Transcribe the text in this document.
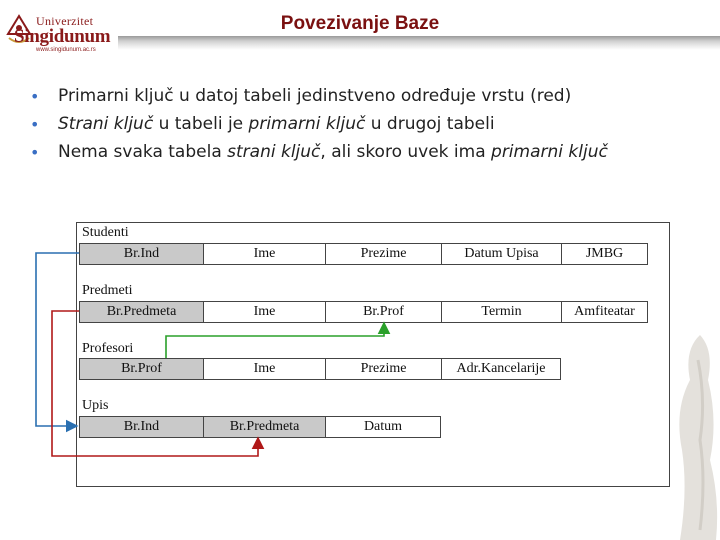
Univerzitet
Singidunum
www.singidunum.ac.rs
Povezivanje Baze
• Primarni ključ u datoj tabeli jedinstveno određuje vrstu (red)
• Strani ključ u tabeli je primarni ključ u drugoj tabeli
• Nema svaka tabela strani ključ, ali skoro uvek ima primarni ključ
Studenti
Br.Ind	Ime	Prezime	Datum Upisa	JMBG
Predmeti
Br.Predmeta	Ime	Br.Prof	Termin	Amfiteatar
Profesori
Br.Prof	Ime	Prezime	Adr.Kancelarije
Upis
Br.Ind	Br.Predmeta	Datum
